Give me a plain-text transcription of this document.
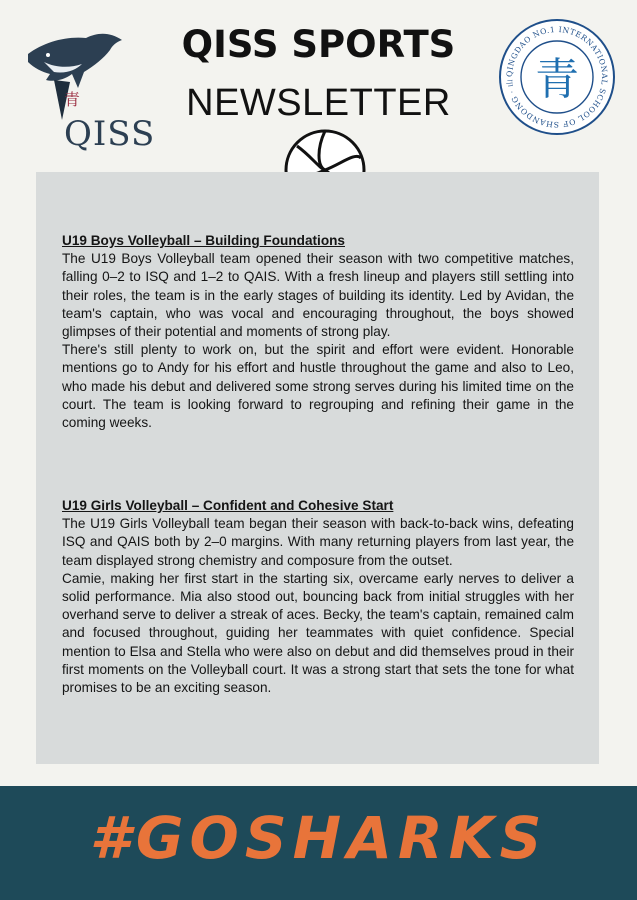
青QISS
QISS SPORTS
NEWSLETTER
QINGDAO NO.1 INTERNATIONAL SCHOOL OF SHANDONG · 山 青
U19 Boys Volleyball – Building Foundations

The U19 Boys Volleyball team opened their season with two competitive matches, falling 0–2 to ISQ and 1–2 to QAIS. With a fresh lineup and players still settling into their roles, the team is in the early stages of building its identity. Led by Avidan, the team's captain, who was vocal and encouraging throughout, the boys showed glimpses of their potential and moments of strong play.

There's still plenty to work on, but the spirit and effort were evident. Honorable mentions go to Andy for his effort and hustle throughout the game and also to Leo, who made his debut and delivered some strong serves during his limited time on the court. The team is looking forward to regrouping and refining their game in the coming weeks.

U19 Girls Volleyball – Confident and Cohesive Start

The U19 Girls Volleyball team began their season with back-to-back wins, defeating ISQ and QAIS both by 2–0 margins. With many returning players from last year, the team displayed strong chemistry and composure from the outset.

Camie, making her first start in the starting six, overcame early nerves to deliver a solid performance. Mia also stood out, bouncing back from initial struggles with her overhand serve to deliver a streak of aces. Becky, the team's captain, remained calm and focused throughout, guiding her teammates with quiet confidence. Special mention to Elsa and Stella who were also on debut and did themselves proud in their first moments on the Volleyball court. It was a strong start that sets the tone for what promises to be an exciting season.

#GOSHARKS
